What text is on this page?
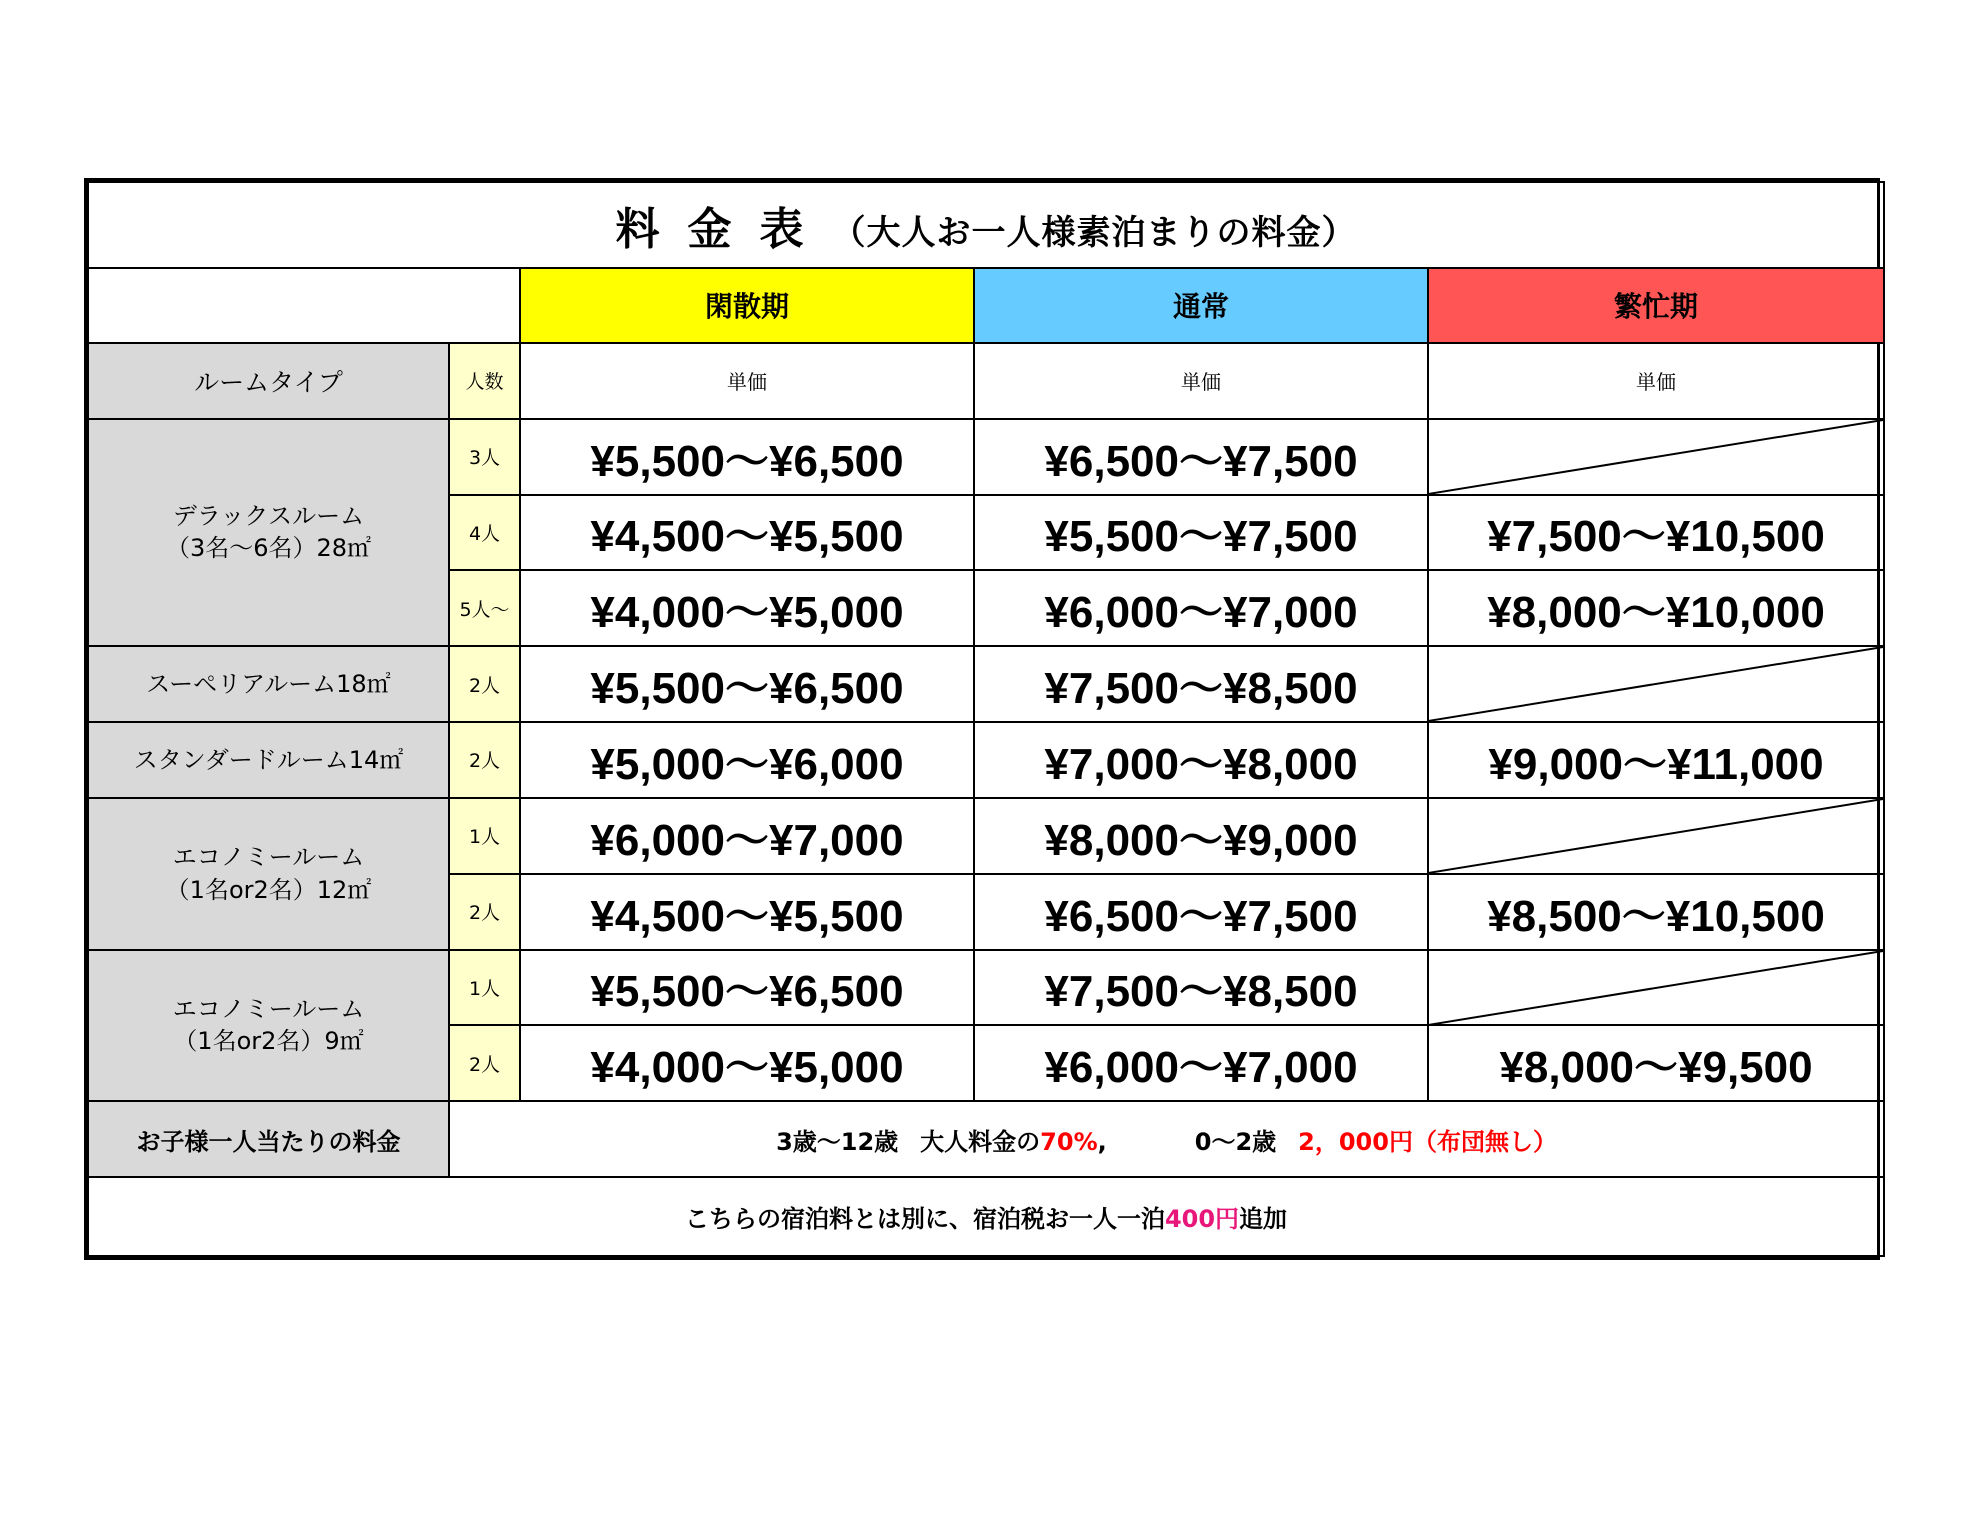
料金表（大人お一人様素泊まりの料金）				
		閑散期	通常	繁忙期
ルームタイプ	人数	単価	単価	単価

デラックスルーム
（3名～6名）28㎡	3人	¥5,500～¥6,500	¥6,500～¥7,500	

	4人	¥4,500～¥5,500	¥5,500～¥7,500	¥7,500～¥10,500
	5人～	¥4,000～¥5,000	¥6,000～¥7,000	¥8,000～¥10,000

スーペリアルーム18㎡	2人	¥5,500～¥6,500	¥7,500～¥8,500	

スタンダードルーム14㎡	2人	¥5,000～¥6,000	¥7,000～¥8,000	¥9,000～¥11,000

エコノミールーム
（1名or2名）12㎡	1人	¥6,000～¥7,000	¥8,000～¥9,000	

	2人	¥4,500～¥5,500	¥6,500～¥7,500	¥8,500～¥10,500

エコノミールーム
（1名or2名）9㎡	1人	¥5,500～¥6,500	¥7,500～¥8,500	

	2人	¥4,000～¥5,000	¥6,000～¥7,000	¥8,000～¥9,500
お子様一人当たりの料金	3歳～12歳 大人料金の70%, 0～2歳 2，000円（布団無し）			
こちらの宿泊料とは別に、宿泊税お一人一泊400円追加				
